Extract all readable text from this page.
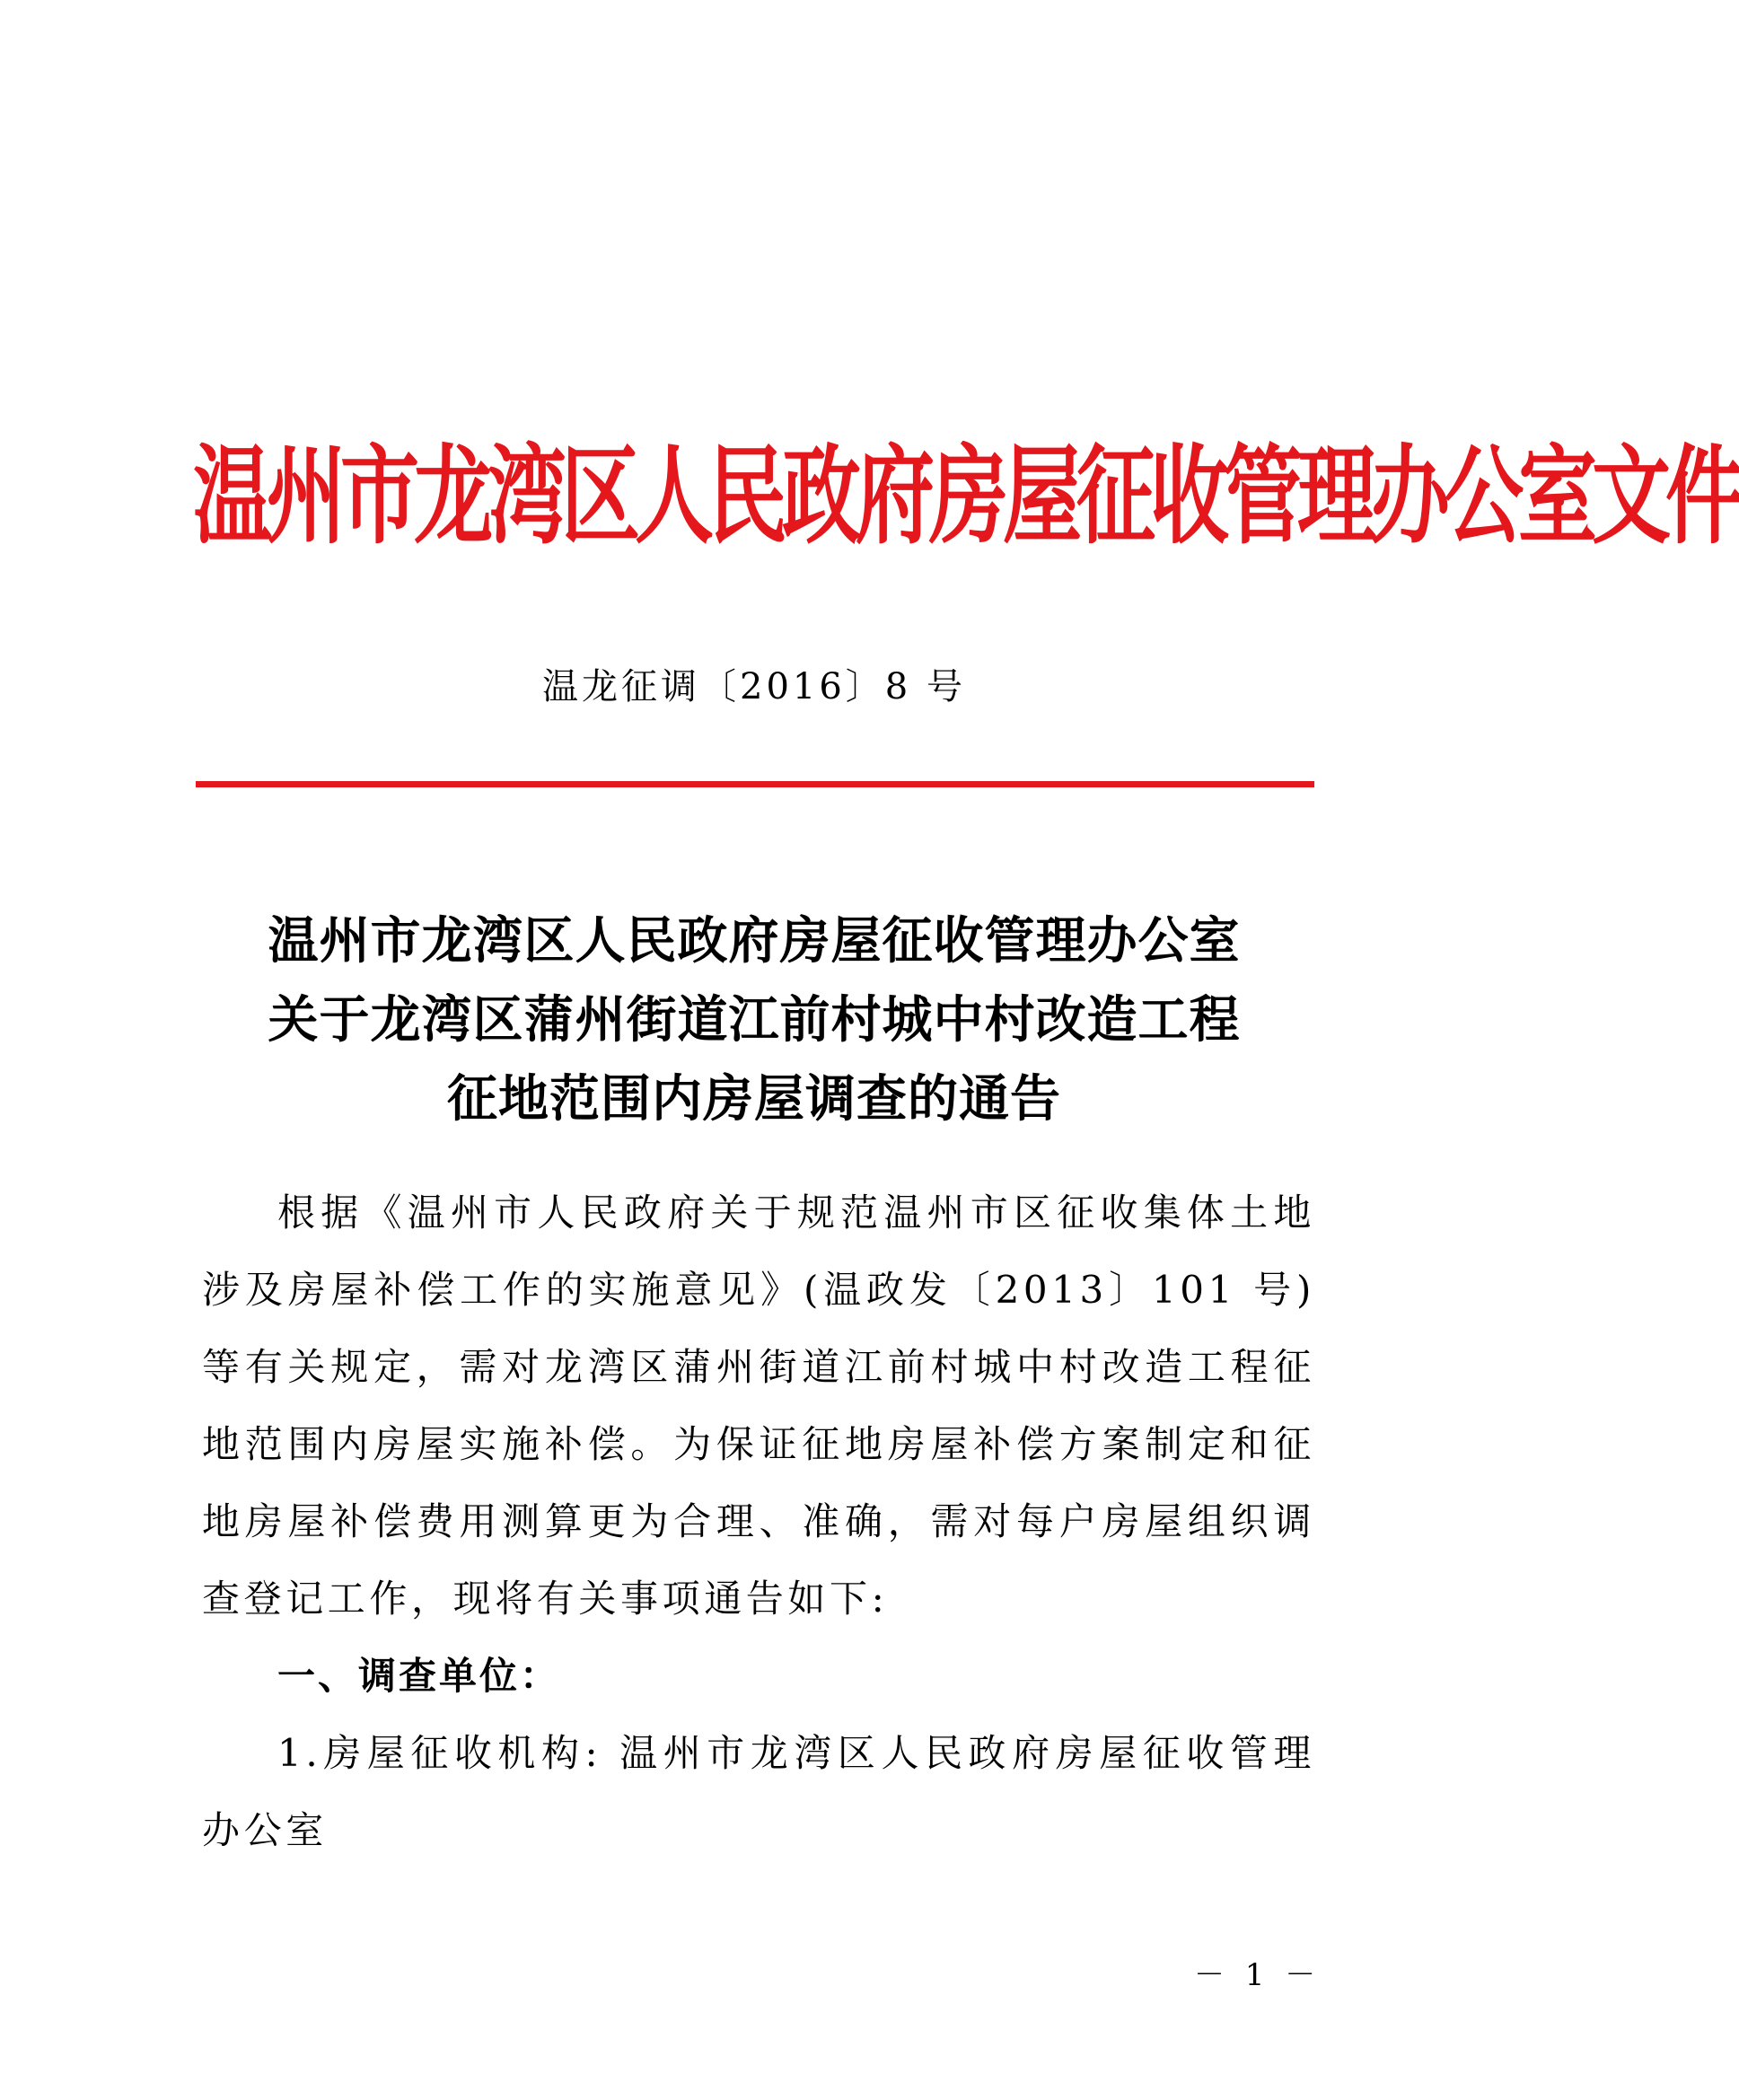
温州市龙湾区人民政府房屋征收管理办公室文件
温龙征调〔2016〕8 号
温州市龙湾区人民政府房屋征收管理办公室
关于龙湾区蒲州街道江前村城中村改造工程
征地范围内房屋调查的通告

根据《温州市人民政府关于规范温州市区征收集体土地涉及房屋补偿工作的实施意见》(温政发〔2013〕101 号)等有关规定，需对龙湾区蒲州街道江前村城中村改造工程征地范围内房屋实施补偿。为保证征地房屋补偿方案制定和征地房屋补偿费用测算更为合理、准确，需对每户房屋组织调查登记工作，现将有关事项通告如下:

一、调查单位：

1.房屋征收机构: 温州市龙湾区人民政府房屋征收管理办公室

－ 1 －
